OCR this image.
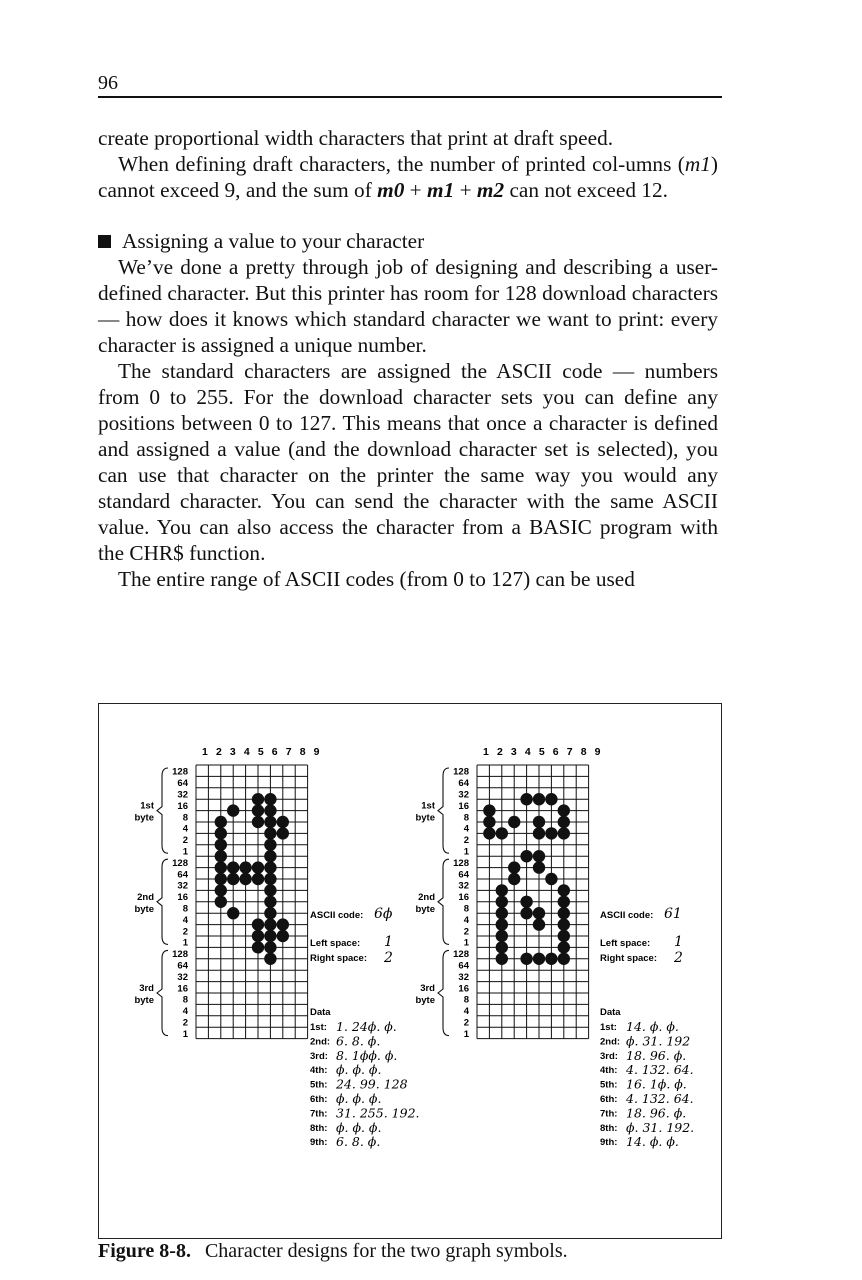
96

create proportional width characters that print at draft speed.

When defining draft characters, the number of printed col-umns (m1) cannot exceed 9, and the sum of m0 + m1 + m2 can not exceed 12.

Assigning a value to your character

We’ve done a pretty through job of designing and describing a user-defined character. But this printer has room for 128 download characters — how does it knows which standard character we want to print: every character is assigned a unique number.

The standard characters are assigned the ASCII code — numbers from 0 to 255. For the download character sets you can define any positions between 0 to 127. This means that once a character is defined and assigned a value (and the download character set is selected), you can use that character on the printer the same way you would any standard character. You can send the character with the same ASCII value. You can also access the character from a BASIC program with the CHR$ function.

The entire range of ASCII codes (from 0 to 127) can be used

1 2 3 4 5 6 7 8 9
128
64
32
16
8
4
2
1
1st
byte
128
64
32
16
8
4
2
1
2nd
byte
128
64
32
16
8
4
2
1
3rd
byte
ASCII code: 6ϕ
Left space: 1
Right space: 2
Data
1st: 1. 24ϕ. ϕ.
2nd: 6. 8. ϕ.
3rd: 8. 1ϕϕ. ϕ.
4th: ϕ. ϕ. ϕ.
5th: 24. 99. 128
6th: ϕ. ϕ. ϕ.
7th: 31. 255. 192.
8th: ϕ. ϕ. ϕ.
9th: 6. 8. ϕ.
1 2 3 4 5 6 7 8 9
128
64
32
16
8
4
2
1
1st
byte
128
64
32
16
8
4
2
1
2nd
byte
128
64
32
16
8
4
2
1
3rd
byte
ASCII code: 61
Left space: 1
Right space: 2
Data
1st: 14. ϕ. ϕ.
2nd: ϕ. 31. 192
3rd: 18. 96. ϕ.
4th: 4. 132. 64.
5th: 16. 1ϕ. ϕ.
6th: 4. 132. 64.
7th: 18. 96. ϕ.
8th: ϕ. 31. 192.
9th: 14. ϕ. ϕ.
Figure 8-8. Character designs for the two graph symbols.
